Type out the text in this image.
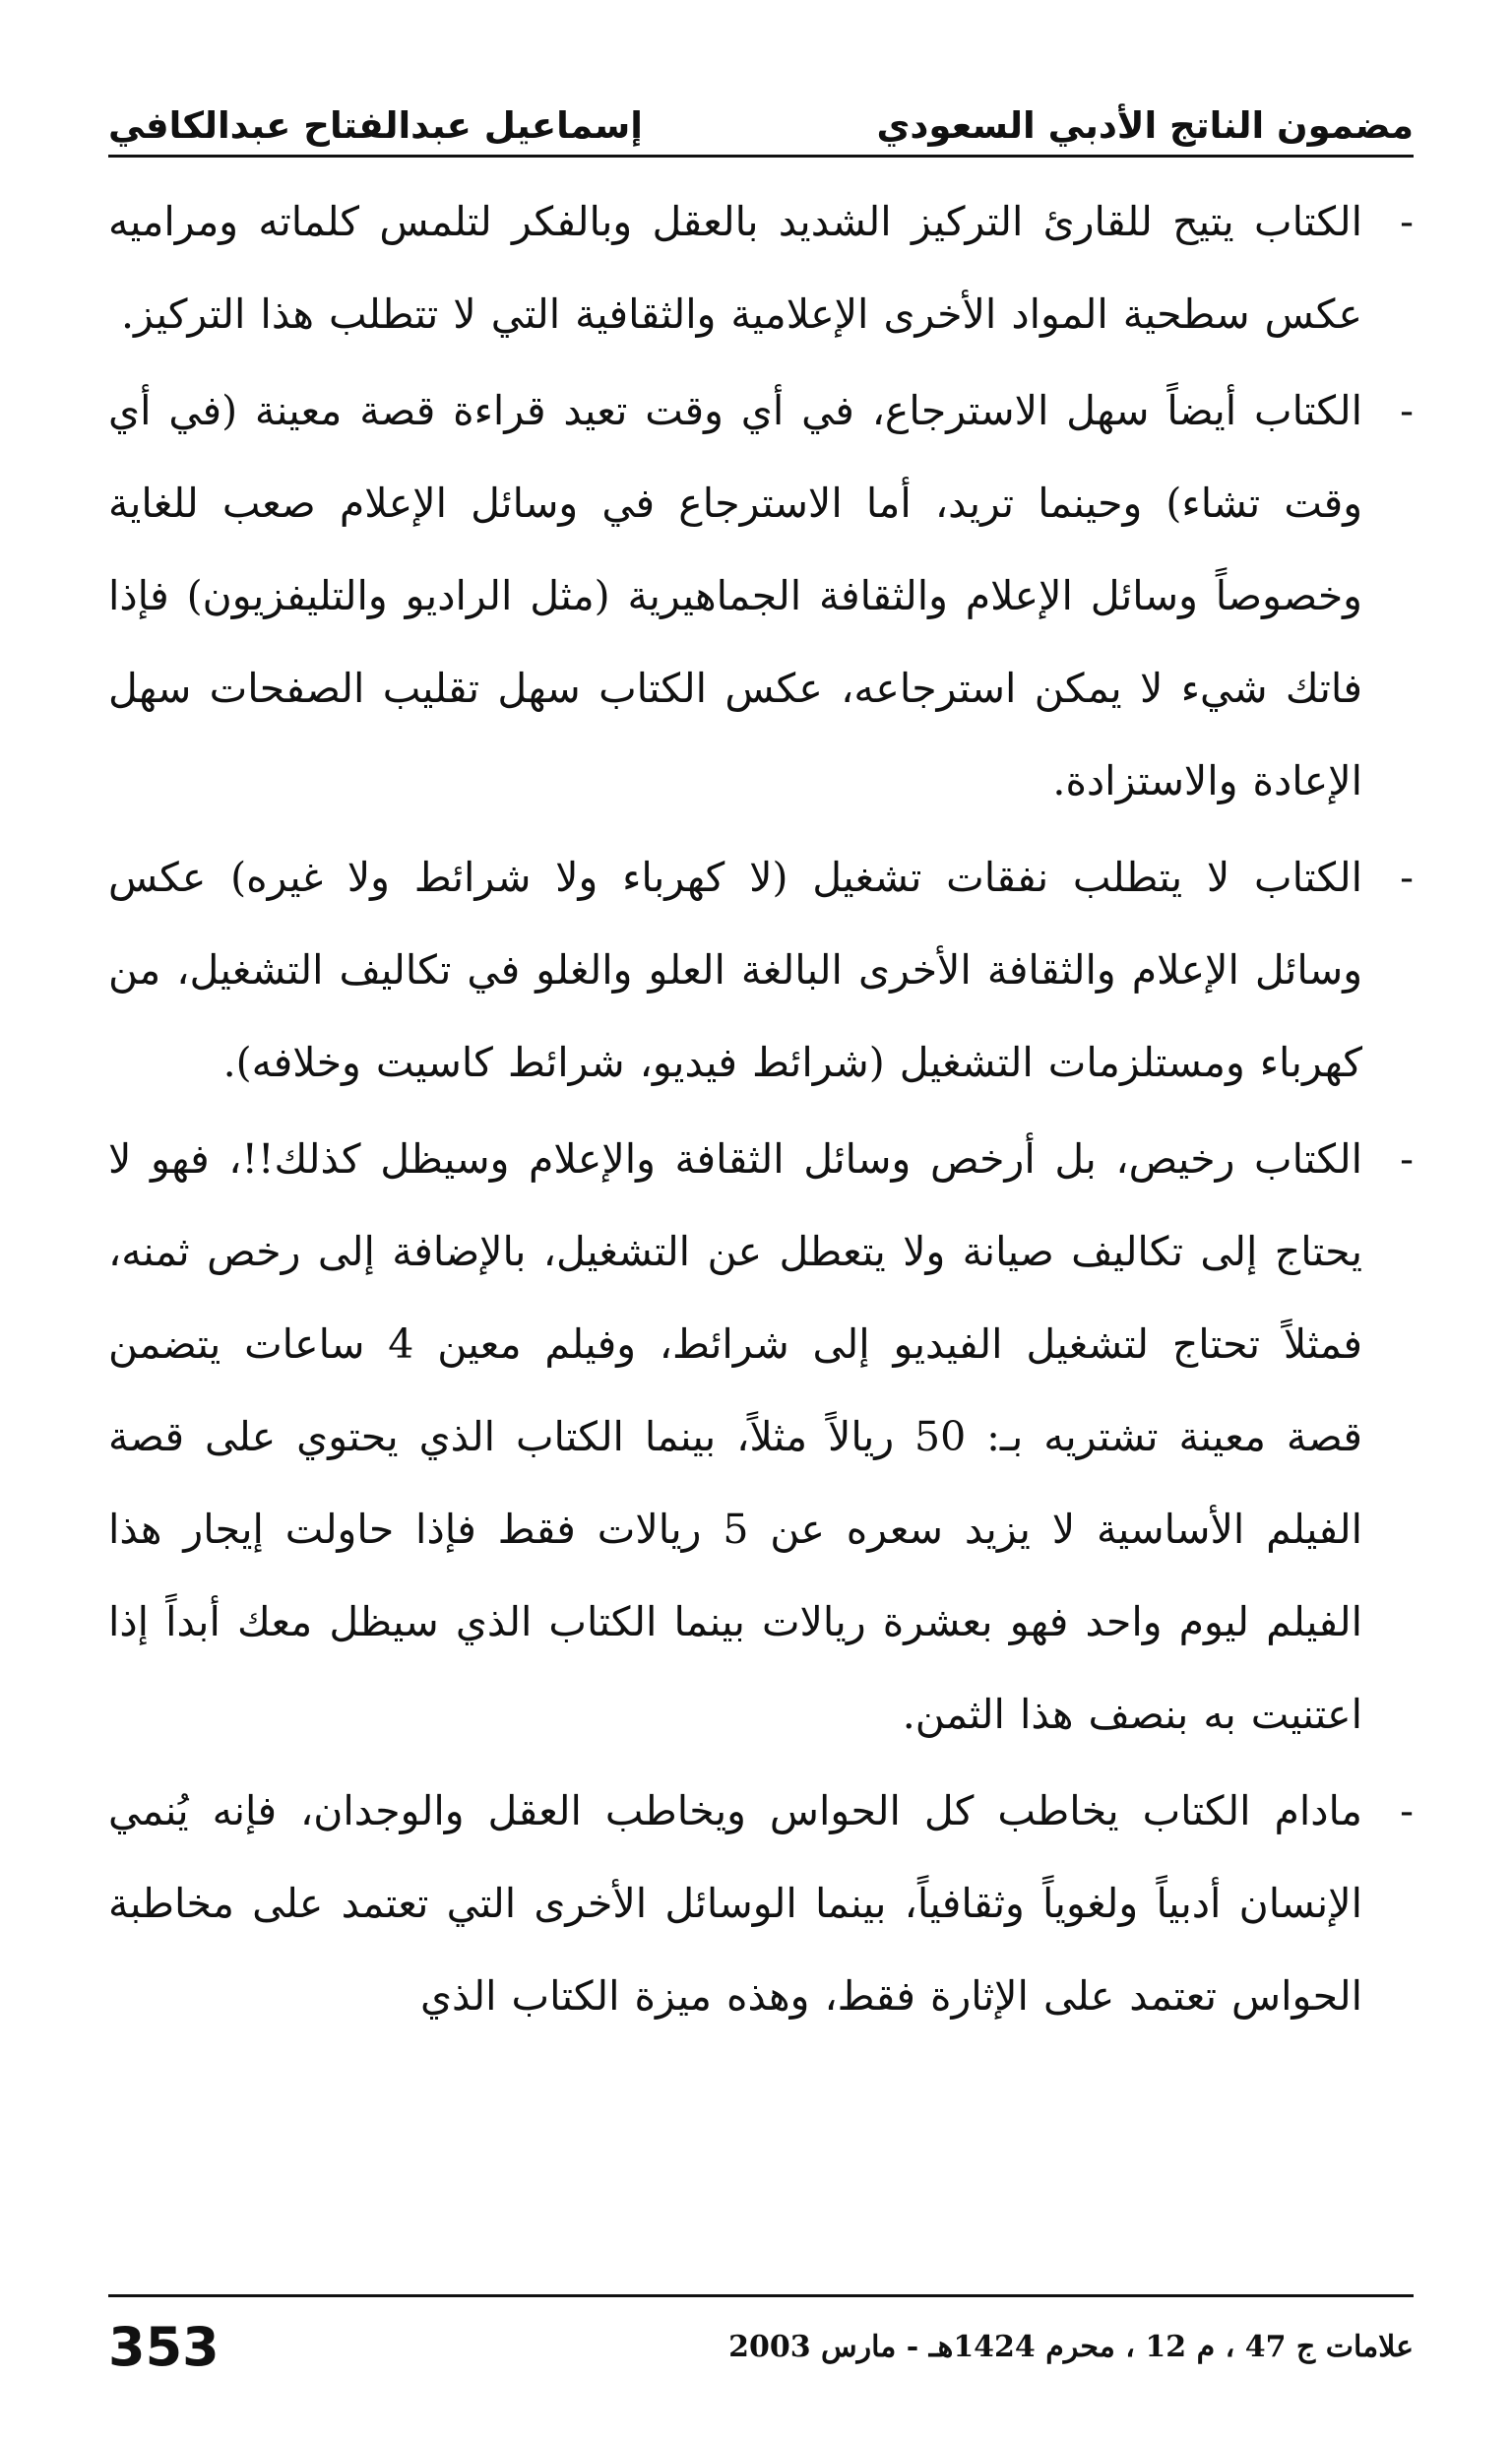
مضمون الناتج الأدبي السعودي
إسماعيل عبدالفتاح عبدالكافي

-
الكتاب يتيح للقارئ التركيز الشديد بالعقل وبالفكر لتلمس كلماته ومراميه عكس سطحية المواد الأخرى الإعلامية والثقافية التي لا تتطلب هذا التركيز.

-
الكتاب أيضاً سهل الاسترجاع، في أي وقت تعيد قراءة قصة معينة (في أي وقت تشاء) وحينما تريد، أما الاسترجاع في وسائل الإعلام صعب للغاية وخصوصاً وسائل الإعلام والثقافة الجماهيرية (مثل الراديو والتليفزيون) فإذا فاتك شيء لا يمكن استرجاعه، عكس الكتاب سهل تقليب الصفحات سهل الإعادة والاستزادة.

-
الكتاب لا يتطلب نفقات تشغيل (لا كهرباء ولا شرائط ولا غيره) عكس وسائل الإعلام والثقافة الأخرى البالغة العلو والغلو في تكاليف التشغيل، من كهرباء ومستلزمات التشغيل (شرائط فيديو، شرائط كاسيت وخلافه).

-
الكتاب رخيص، بل أرخص وسائل الثقافة والإعلام وسيظل كذلك!!، فهو لا يحتاج إلى تكاليف صيانة ولا يتعطل عن التشغيل، بالإضافة إلى رخص ثمنه، فمثلاً تحتاج لتشغيل الفيديو إلى شرائط، وفيلم معين 4 ساعات يتضمن قصة معينة تشتريه بـ: 50 ريالاً مثلاً، بينما الكتاب الذي يحتوي على قصة الفيلم الأساسية لا يزيد سعره عن 5 ريالات فقط فإذا حاولت إيجار هذا الفيلم ليوم واحد فهو بعشرة ريالات بينما الكتاب الذي سيظل معك أبداً إذا اعتنيت به بنصف هذا الثمن.

-
مادام الكتاب يخاطب كل الحواس ويخاطب العقل والوجدان، فإنه يُنمي الإنسان أدبياً ولغوياً وثقافياً، بينما الوسائل الأخرى التي تعتمد على مخاطبة الحواس تعتمد على الإثارة فقط، وهذه ميزة الكتاب الذي

علامات ج 47 ، م 12 ، محرم 1424هـ - مارس 2003
353
